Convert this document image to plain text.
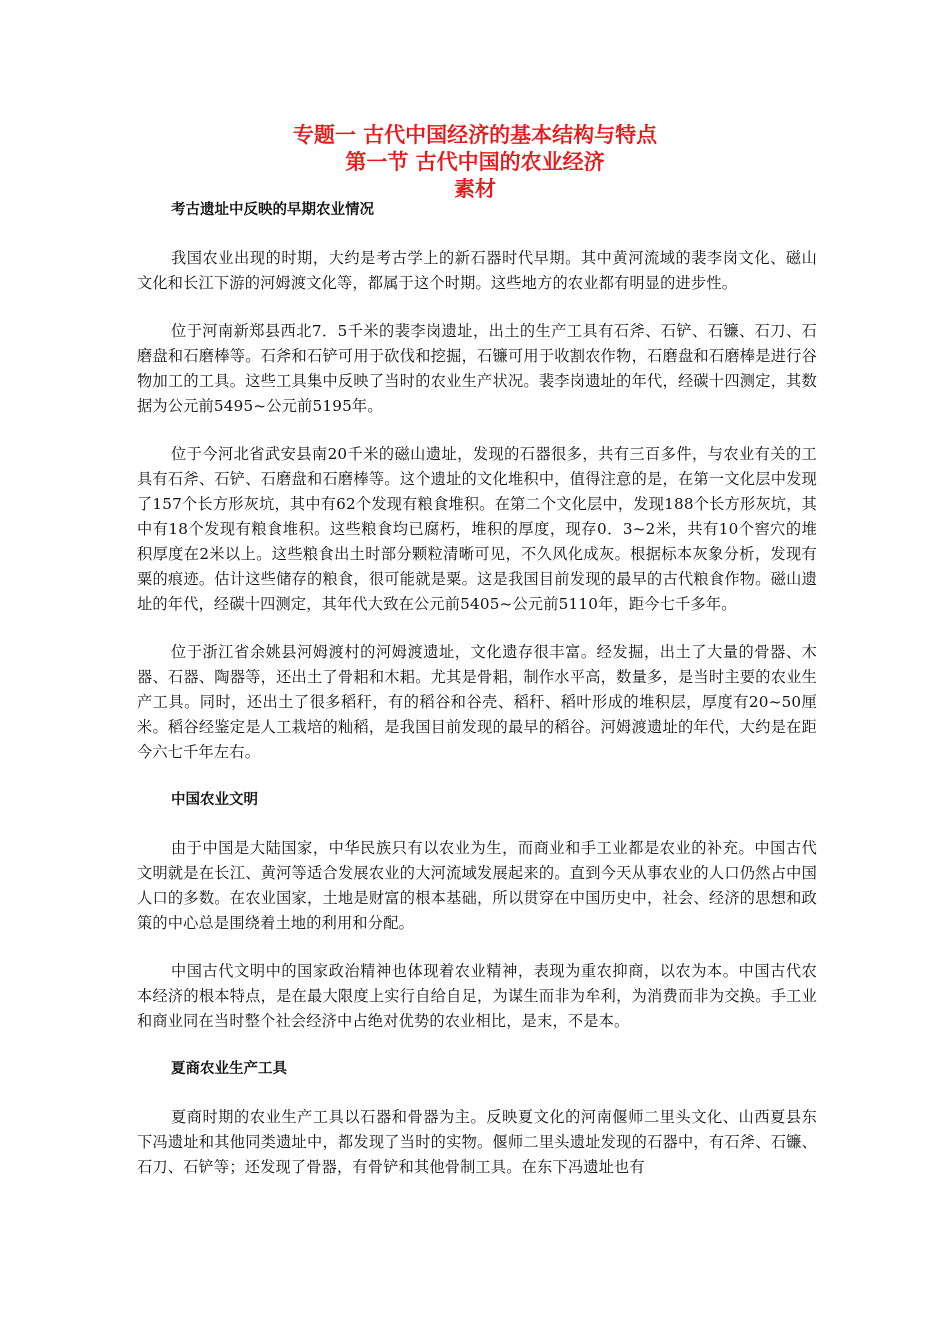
专题一 古代中国经济的基本结构与特点

第一节 古代中国的农业经济

素材

考古遗址中反映的早期农业情况

我国农业出现的时期，大约是考古学上的新石器时代早期。其中黄河流域的裴李岗文化、磁山文化和长江下游的河姆渡文化等，都属于这个时期。这些地方的农业都有明显的进步性。

位于河南新郑县西北7．5千米的裴李岗遗址，出土的生产工具有石斧、石铲、石镰、石刀、石磨盘和石磨棒等。石斧和石铲可用于砍伐和挖掘，石镰可用于收割农作物，石磨盘和石磨棒是进行谷物加工的工具。这些工具集中反映了当时的农业生产状况。裴李岗遗址的年代，经碳十四测定，其数据为公元前5495~公元前5195年。

位于今河北省武安县南20千米的磁山遗址，发现的石器很多，共有三百多件，与农业有关的工具有石斧、石铲、石磨盘和石磨棒等。这个遗址的文化堆积中，值得注意的是，在第一文化层中发现了157个长方形灰坑，其中有62个发现有粮食堆积。在第二个文化层中，发现188个长方形灰坑，其中有18个发现有粮食堆积。这些粮食均已腐朽，堆积的厚度，现存0．3~2米，共有10个窖穴的堆积厚度在2米以上。这些粮食出土时部分颗粒清晰可见，不久风化成灰。根据标本灰象分析，发现有粟的痕迹。估计这些储存的粮食，很可能就是粟。这是我国目前发现的最早的古代粮食作物。磁山遗址的年代，经碳十四测定，其年代大致在公元前5405~公元前5110年，距今七千多年。

位于浙江省余姚县河姆渡村的河姆渡遗址，文化遗存很丰富。经发掘，出土了大量的骨器、木器、石器、陶器等，还出土了骨耜和木耜。尤其是骨耜，制作水平高，数量多，是当时主要的农业生产工具。同时，还出土了很多稻秆，有的稻谷和谷壳、稻秆、稻叶形成的堆积层，厚度有20~50厘米。稻谷经鉴定是人工栽培的籼稻，是我国目前发现的最早的稻谷。河姆渡遗址的年代，大约是在距今六七千年左右。

中国农业文明

由于中国是大陆国家，中华民族只有以农业为生，而商业和手工业都是农业的补充。中国古代文明就是在长江、黄河等适合发展农业的大河流域发展起来的。直到今天从事农业的人口仍然占中国人口的多数。在农业国家，土地是财富的根本基础，所以贯穿在中国历史中，社会、经济的思想和政策的中心总是围绕着土地的利用和分配。

中国古代文明中的国家政治精神也体现着农业精神，表现为重农抑商，以农为本。中国古代农本经济的根本特点，是在最大限度上实行自给自足，为谋生而非为牟利，为消费而非为交换。手工业和商业同在当时整个社会经济中占绝对优势的农业相比，是末，不是本。

夏商农业生产工具

夏商时期的农业生产工具以石器和骨器为主。反映夏文化的河南偃师二里头文化、山西夏县东下冯遗址和其他同类遗址中，都发现了当时的实物。偃师二里头遗址发现的石器中，有石斧、石镰、石刀、石铲等；还发现了骨器，有骨铲和其他骨制工具。在东下冯遗址也有
